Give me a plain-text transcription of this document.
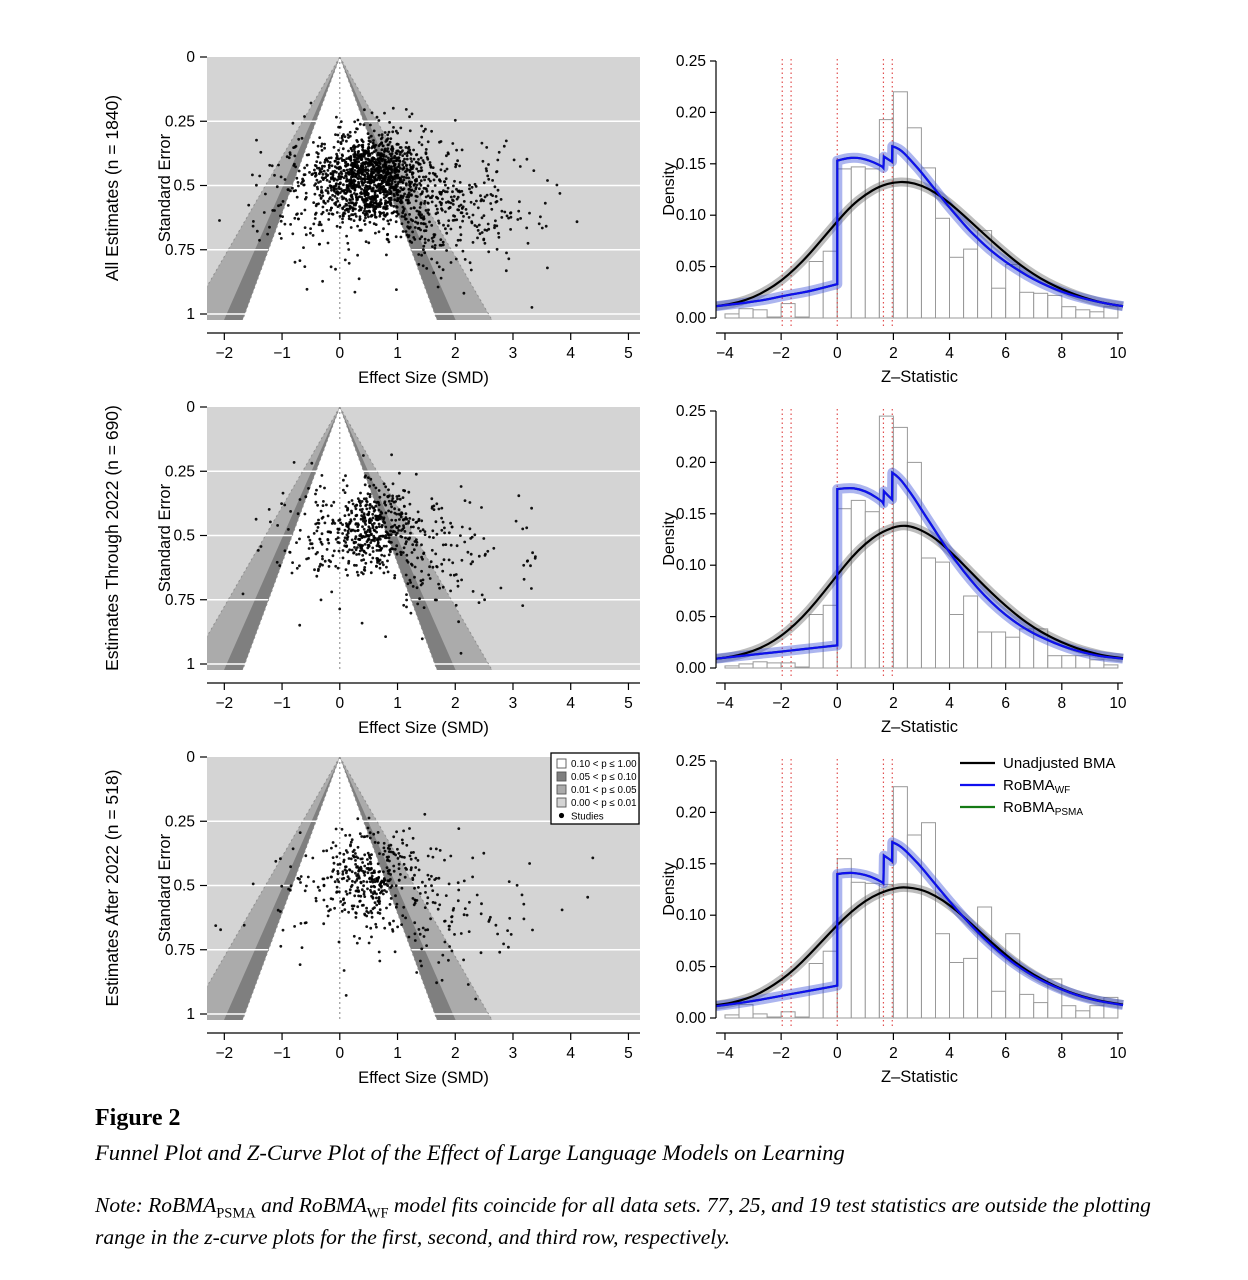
All Estimates (n = 1840) Standard Error
−2	−1	0	1	2	3	4	5
0
0.25
0.5
0.75
1
Effect Size (SMD)
Density
−4 −2	0	2	4	6	8	10
0.00
0.05
0.10
0.15
0.20
0.25
Z–Statistic
Estimates Through 2022 (n = 690) Standard Error
−2	−1	0	1	2	3	4	5
0
0.25
0.5
0.75
1
Effect Size (SMD)
Density
−4 −2	0	2	4	6	8	10
0.00
0.05
0.10
0.15
0.20
0.25
Z–Statistic
Estimates After 2022 (n = 518) Standard Error
−2	−1	0	1	2	3	4	5
0
0.25
0.5
0.75
1
Effect Size (SMD)
0.10 < p ≤ 1.00
0.05 < p ≤ 0.10
0.01 < p ≤ 0.05
0.00 < p ≤ 0.01
Studies
Density
−4 −2	0	2	4	6	8	10
0.00
0.05
0.10
0.15
0.20
0.25
Z–Statistic
Unadjusted BMA
RoBMA$_{WF}$
RoBMA$_{PSMA}$
Figure 2
Funnel Plot and Z-Curve Plot of the Effect of Large Language Models on Learning

Note: RoBMA$_{PSMA}$ and RoBMA$_{WF}$ model fits coincide for all data sets. 77, 25, and 19 test statistics are outside the plotting range in the z-curve plots for the first, second, and third row, respectively.
